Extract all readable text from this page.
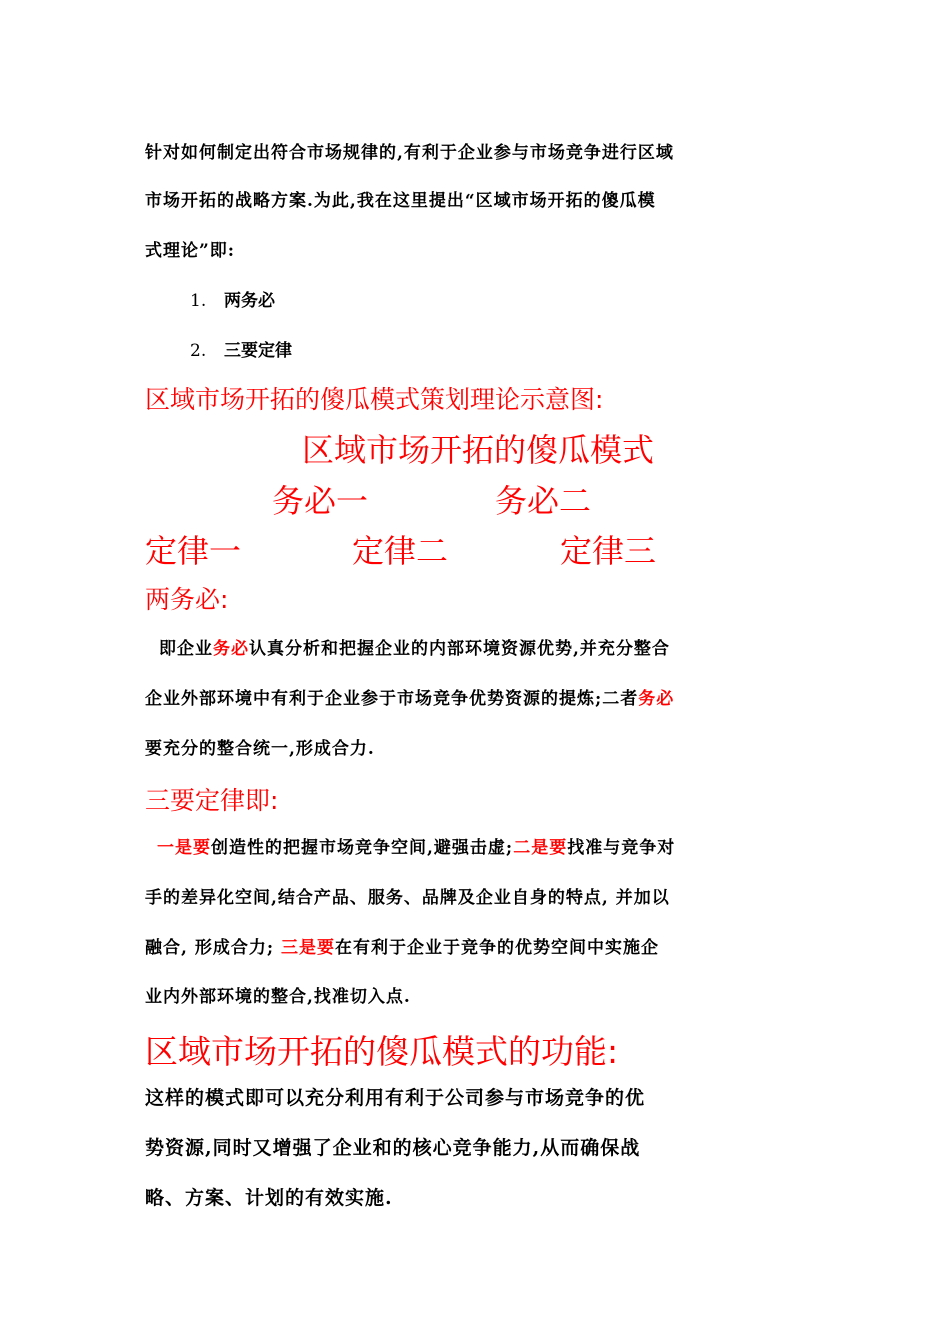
针对如何制定出符合市场规律的,有利于企业参与市场竞争进行区域
市场开拓的战略方案.为此,我在这里提出“区域市场开拓的傻瓜模
式理论”即:
1. 两务必
2. 三要定律
区域市场开拓的傻瓜模式策划理论示意图:
区域市场开拓的傻瓜模式
务必一	务必二
定律一	定律二	定律三
两务必:
即企业务必认真分析和把握企业的内部环境资源优势,并充分整合
企业外部环境中有利于企业参于市场竞争优势资源的提炼;二者务必
要充分的整合统一,形成合力.
三要定律即:
一是要创造性的把握市场竞争空间,避强击虚;二是要找准与竞争对
手的差异化空间,结合产品、服务、品牌及企业自身的特点, 并加以
融合, 形成合力; 三是要在有利于企业于竞争的优势空间中实施企
业内外部环境的整合,找准切入点.
区域市场开拓的傻瓜模式的功能:
这样的模式即可以充分利用有利于公司参与市场竞争的优
势资源,同时又增强了企业和的核心竞争能力,从而确保战
略、方案、计划的有效实施.
